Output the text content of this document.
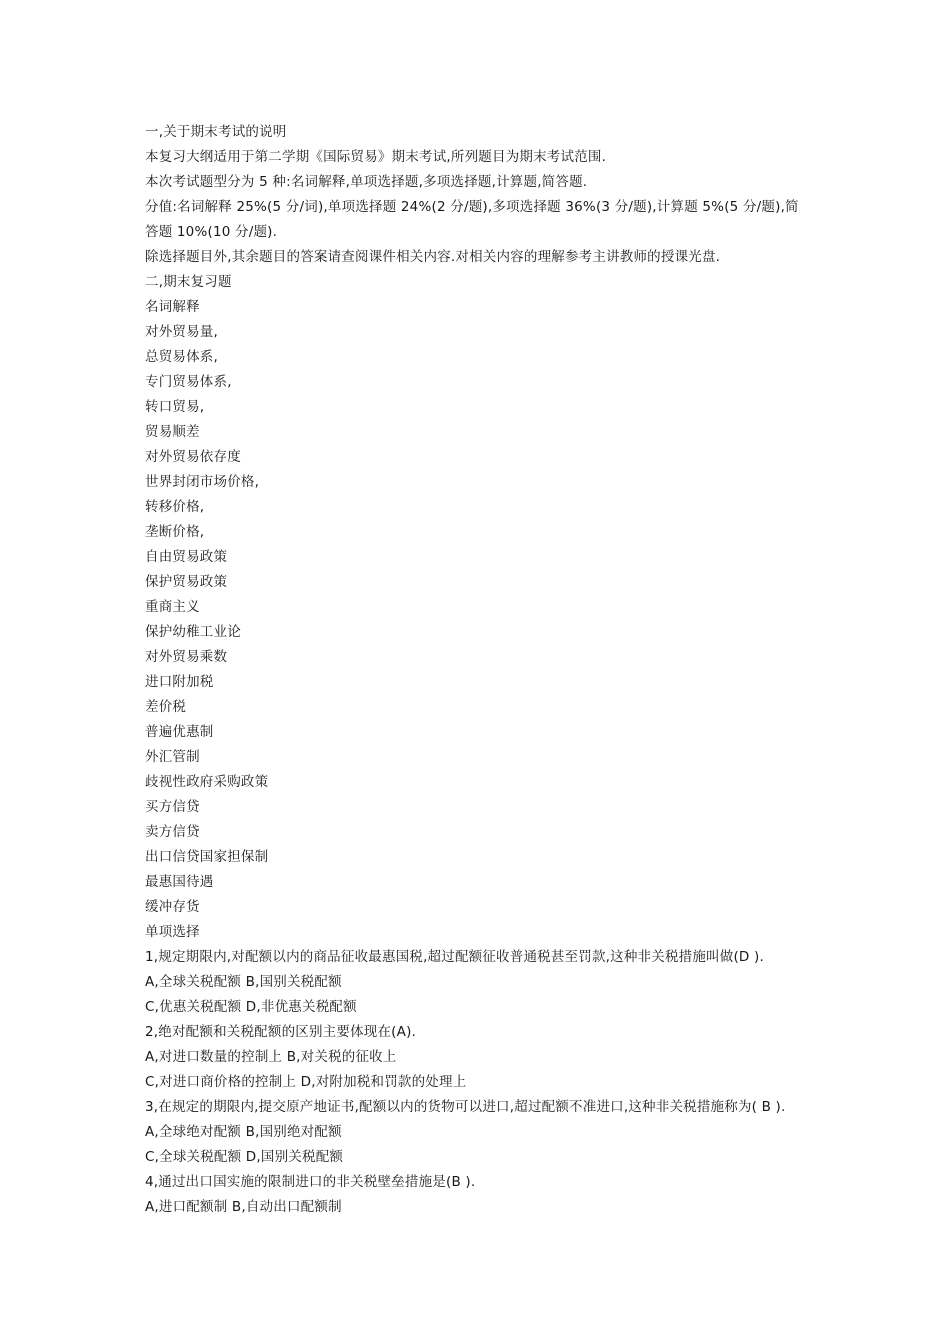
一,关于期末考试的说明
本复习大纲适用于第二学期《国际贸易》期末考试,所列题目为期末考试范围.
本次考试题型分为 5 种:名词解释,单项选择题,多项选择题,计算题,简答题.
分值:名词解释 25%(5 分/词),单项选择题 24%(2 分/题),多项选择题 36%(3 分/题),计算题 5%(5 分/题),简答题 10%(10 分/题).
除选择题目外,其余题目的答案请查阅课件相关内容.对相关内容的理解参考主讲教师的授课光盘.
二,期末复习题
名词解释
对外贸易量,
总贸易体系,
专门贸易体系,
转口贸易,
贸易顺差
对外贸易依存度
世界封闭市场价格,
转移价格,
垄断价格,
自由贸易政策
保护贸易政策
重商主义
保护幼稚工业论
对外贸易乘数
进口附加税
差价税
普遍优惠制
外汇管制
歧视性政府采购政策
买方信贷
卖方信贷
出口信贷国家担保制
最惠国待遇
缓冲存货
单项选择
1,规定期限内,对配额以内的商品征收最惠国税,超过配额征收普通税甚至罚款,这种非关税措施叫做(D ).
A,全球关税配额 B,国别关税配额
C,优惠关税配额 D,非优惠关税配额
2,绝对配额和关税配额的区别主要体现在(A).
A,对进口数量的控制上 B,对关税的征收上
C,对进口商价格的控制上 D,对附加税和罚款的处理上
3,在规定的期限内,提交原产地证书,配额以内的货物可以进口,超过配额不准进口,这种非关税措施称为( B ).
A,全球绝对配额 B,国别绝对配额
C,全球关税配额 D,国别关税配额
4,通过出口国实施的限制进口的非关税壁垒措施是(B ).
A,进口配额制 B,自动出口配额制
